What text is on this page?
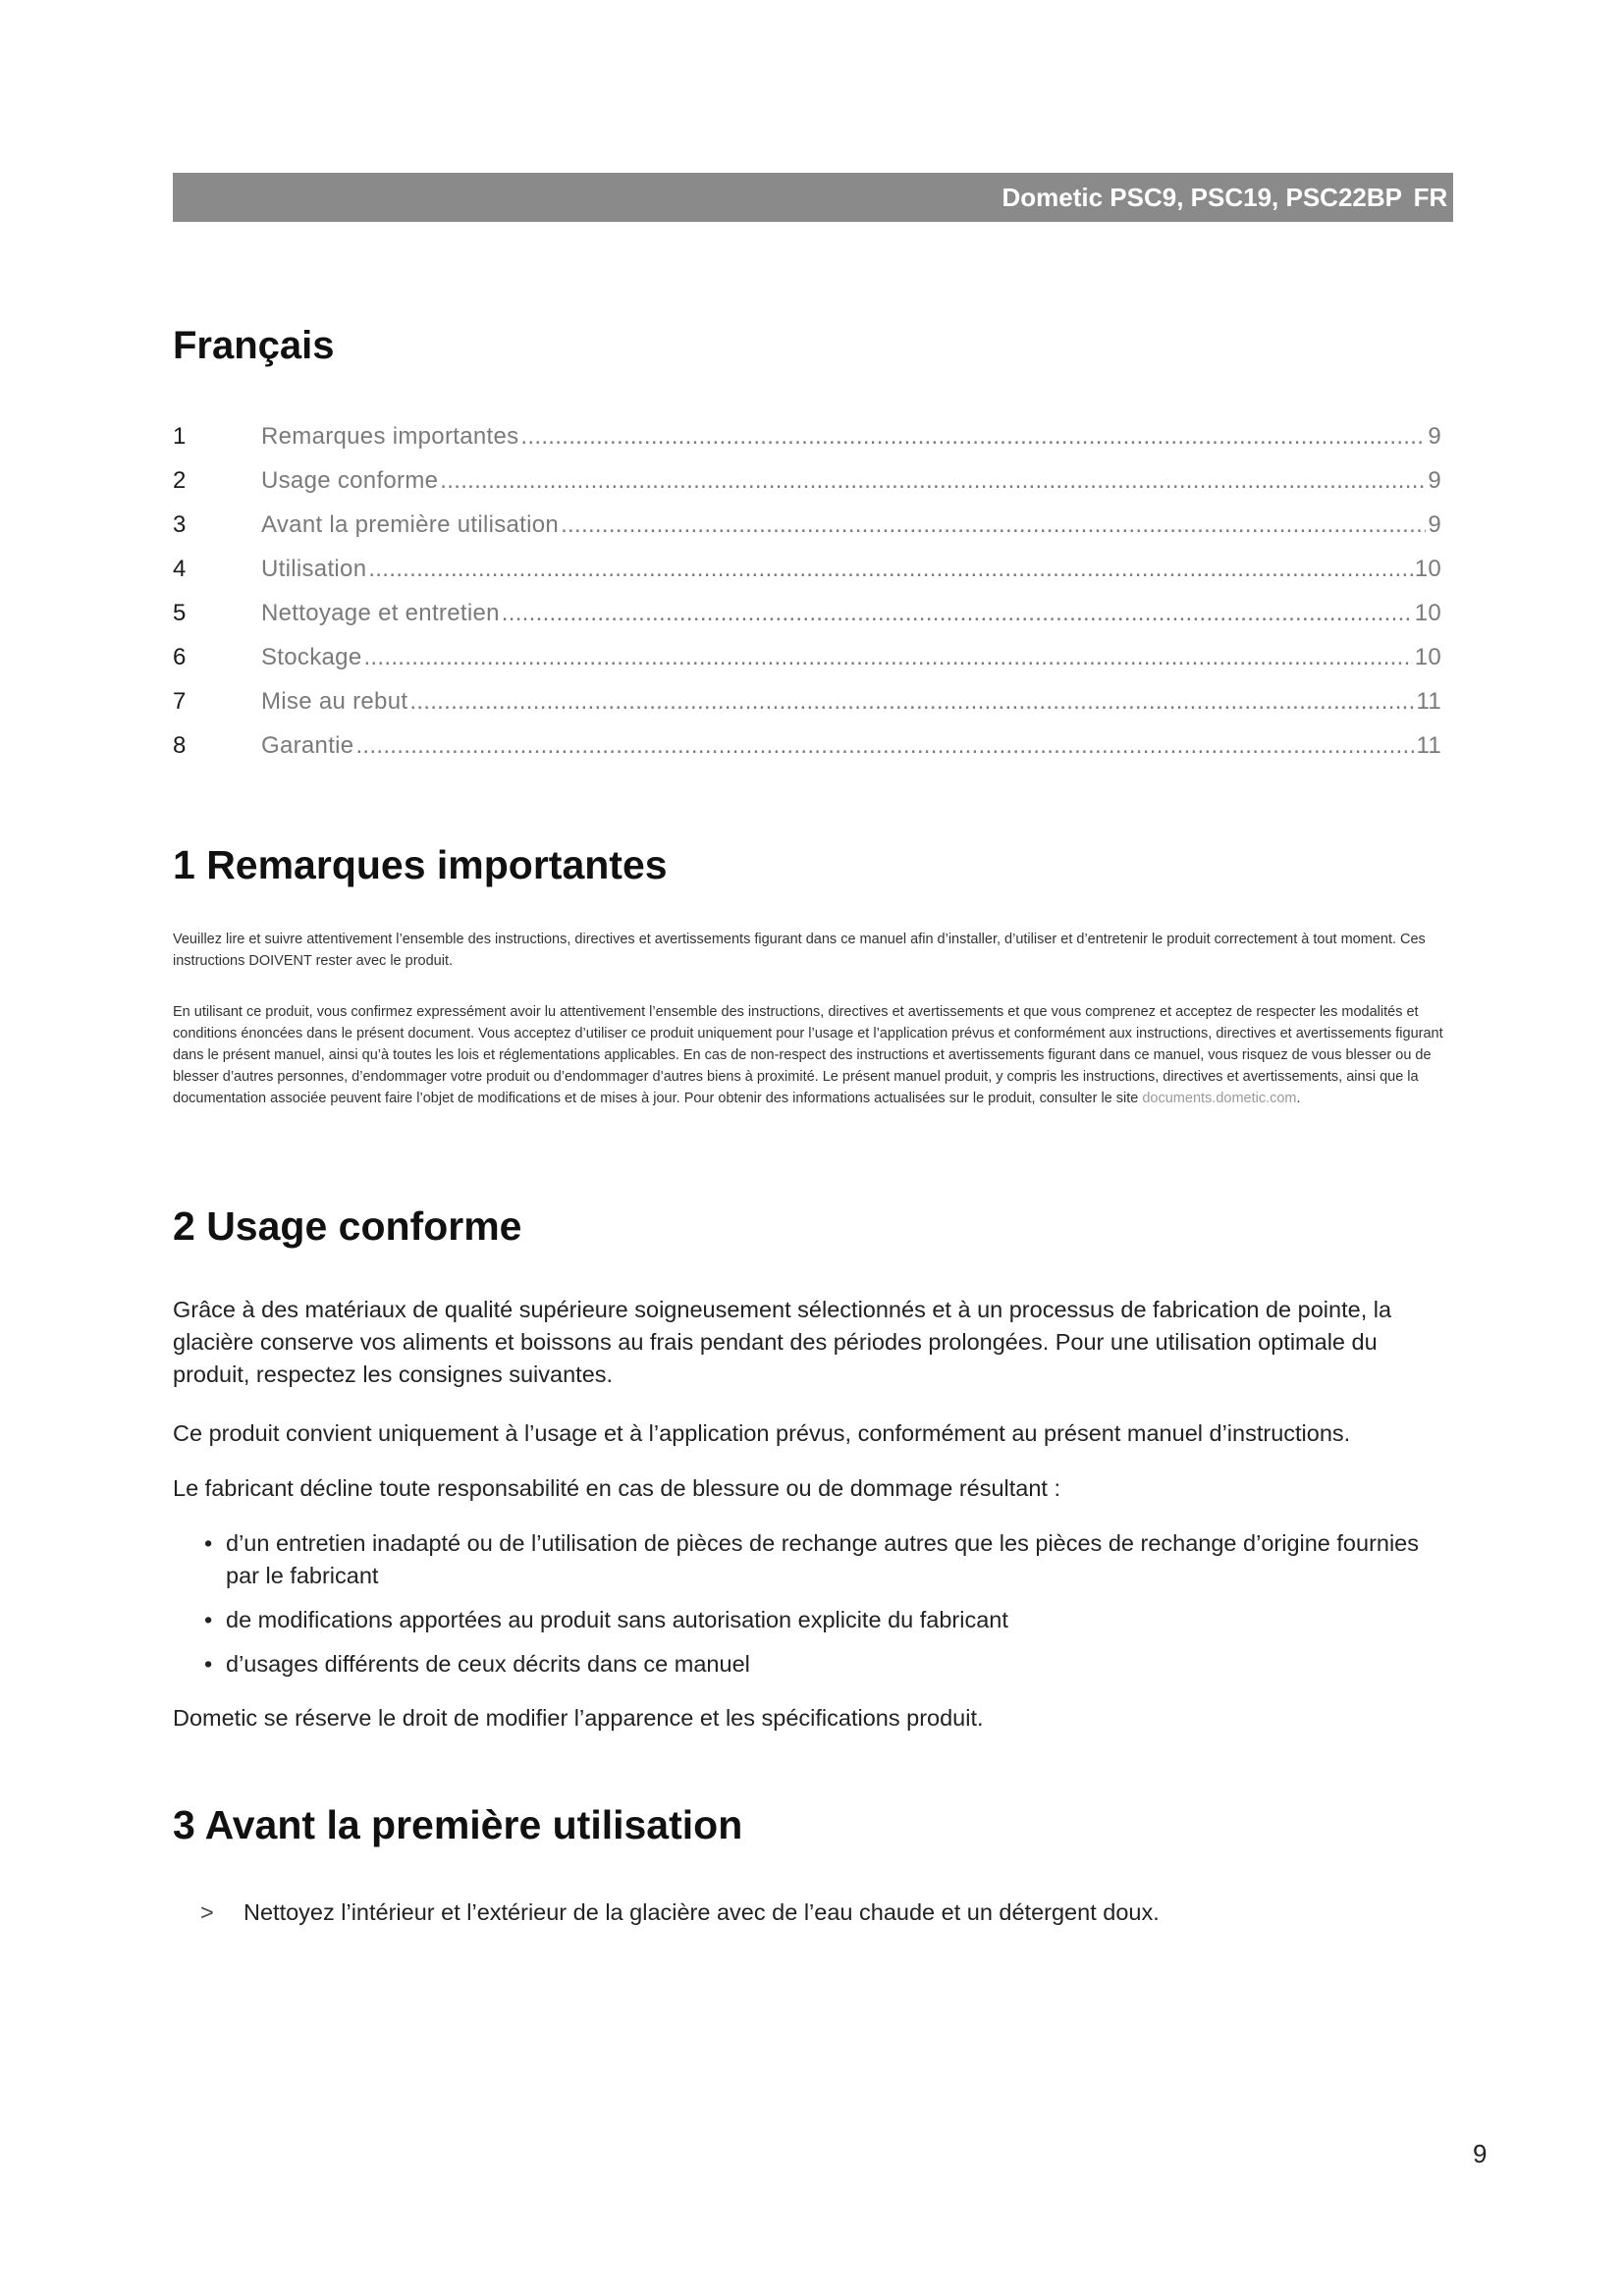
Dometic PSC9, PSC19, PSC22BP FR
Français
1	Remarques importantes .....	9
2	Usage conforme .....	9
3	Avant la première utilisation .....	9
4	Utilisation .....	10
5	Nettoyage et entretien .....	10
6	Stockage .....	10
7	Mise au rebut .....	11
8	Garantie .....	11
1 Remarques importantes

Veuillez lire et suivre attentivement l’ensemble des instructions, directives et avertissements figurant dans ce manuel afin d’installer, d’utiliser et d’entretenir le produit correctement à tout moment. Ces instructions DOIVENT rester avec le produit.

En utilisant ce produit, vous confirmez expressément avoir lu attentivement l’ensemble des instructions, directives et avertissements et que vous comprenez et acceptez de respecter les modalités et conditions énoncées dans le présent document. Vous acceptez d’utiliser ce produit uniquement pour l’usage et l’application prévus et conformément aux instructions, directives et avertissements figurant dans le présent manuel, ainsi qu’à toutes les lois et réglementations applicables. En cas de non-respect des instructions et avertissements figurant dans ce manuel, vous risquez de vous blesser ou de blesser d’autres personnes, d’endommager votre produit ou d’endommager d’autres biens à proximité. Le présent manuel produit, y compris les instructions, directives et avertissements, ainsi que la documentation associée peuvent faire l’objet de modifications et de mises à jour. Pour obtenir des informations actualisées sur le produit, consulter le site documents.dometic.com.

2 Usage conforme

Grâce à des matériaux de qualité supérieure soigneusement sélectionnés et à un processus de fabrication de pointe, la glacière conserve vos aliments et boissons au frais pendant des périodes prolongées. Pour une utilisation optimale du produit, respectez les consignes suivantes.

Ce produit convient uniquement à l’usage et à l’application prévus, conformément au présent manuel d’instructions.

Le fabricant décline toute responsabilité en cas de blessure ou de dommage résultant :

• d’un entretien inadapté ou de l’utilisation de pièces de rechange autres que les pièces de rechange d’origine fournies par le fabricant
• de modifications apportées au produit sans autorisation explicite du fabricant
• d’usages différents de ceux décrits dans ce manuel

Dometic se réserve le droit de modifier l’apparence et les spécifications produit.

3 Avant la première utilisation
> Nettoyez l’intérieur et l’extérieur de la glacière avec de l’eau chaude et un détergent doux.
9
